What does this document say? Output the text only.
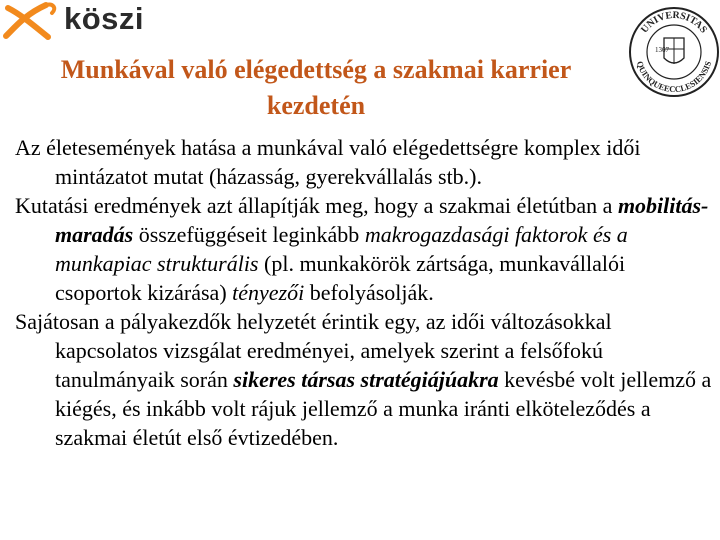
köszi	UNIVERSITAS
QUINQUEECCLESIENSIS
1367
Munkával való elégedettség a szakmai karrier
kezdetén

Az életesemények hatása a munkával való elégedettségre komplex idői mintázatot mutat (házasság, gyerekvállalás stb.).

Kutatási eredmények azt állapítják meg, hogy a szakmai életútban a mobilitás-maradás összefüggéseit leginkább makrogazdasági faktorok és a munkapiac strukturális (pl. munkakörök zártsága, munkavállalói csoportok kizárása) tényezői befolyásolják.

Sajátosan a pályakezdők helyzetét érintik egy, az idői változásokkal kapcsolatos vizsgálat eredményei, amelyek szerint a felsőfokú tanulmányaik során sikeres társas stratégiájúakra kevésbé volt jellemző a kiégés, és inkább volt rájuk jellemző a munka iránti elköteleződés a szakmai életút első évtizedében.
